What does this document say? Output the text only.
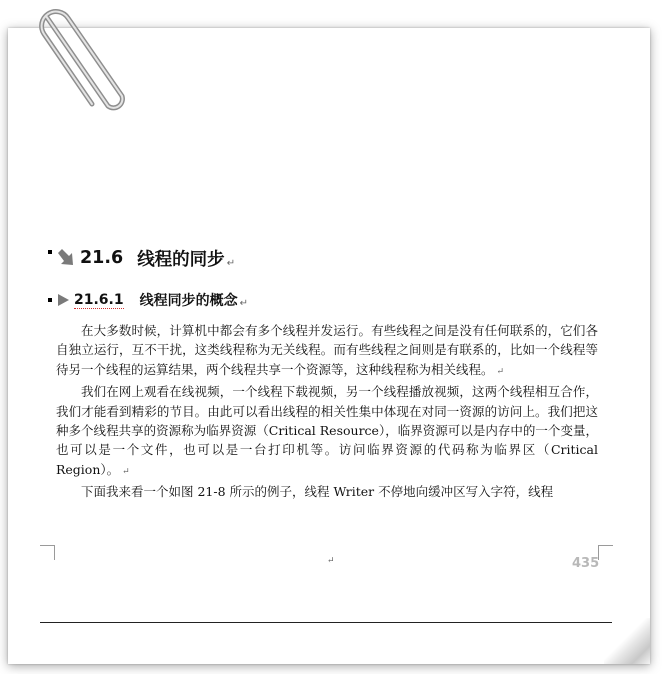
21.6 线程的同步 ↵
21.6.1 线程同步的概念 ↵

在大多数时候，计算机中都会有多个线程并发运行。有些线程之间是没有任何联系的，它们各自独立运行，互不干扰，这类线程称为无关线程。而有些线程之间则是有联系的，比如一个线程等待另一个线程的运算结果，两个线程共享一个资源等，这种线程称为相关线程。 ↵

我们在网上观看在线视频，一个线程下载视频，另一个线程播放视频，这两个线程相互合作，我们才能看到精彩的节目。由此可以看出线程的相关性集中体现在对同一资源的访问上。我们把这种多个线程共享的资源称为临界资源（Critical Resource），临界资源可以是内存中的一个变量，也可以是一个文件，也可以是一台打印机等。访问临界资源的代码称为临界区（Critical Region）。 ↵

下面我来看一个如图 21-8 所示的例子，线程 Writer 不停地向缓冲区写入字符，线程

↵	435
